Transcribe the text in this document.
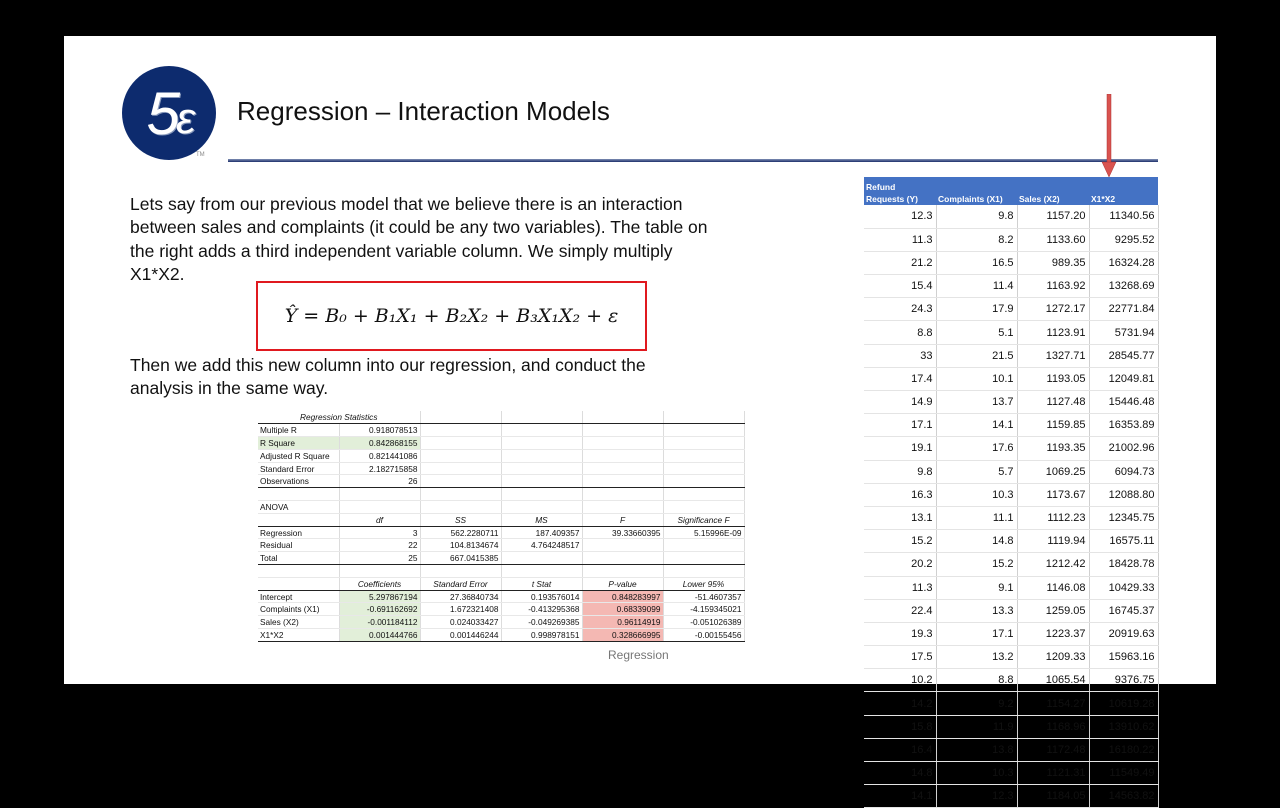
5 ε
TM
Regression – Interaction Models
Lets say from our previous model that we believe there is an interaction between sales and complaints (it could be any two variables). The table on the right adds a third independent variable column. We simply multiply X1*X2.
Ŷ = B₀ + B₁X₁ + B₂X₂ + B₃X₁X₂ + ε
Then we add this new column into our regression, and conduct the analysis in the same way.
Regression Statistics					
Multiple R	0.918078513				
R Square	0.842868155				
Adjusted R Square	0.821441086				
Standard Error	2.182715858				
Observations	26				

ANOVA					
	df	SS	MS	F	Significance F
Regression	3	562.2280711	187.409357	39.33660395	5.15996E-09
Residual	22	104.8134674	4.764248517		
Total	25	667.0415385			

	Coefficients	Standard Error	t Stat	P-value	Lower 95%
Intercept	5.297867194	27.36840734	0.193576014	0.848283997	-51.4607357
Complaints (X1)	-0.691162692	1.672321408	-0.413295368	0.68339099	-4.159345021
Sales (X2)	-0.001184112	0.024033427	-0.049269385	0.96114919	-0.051026389
X1*X2	0.001444766	0.001446244	0.998978151	0.328666995	-0.00155456
Regression
Refund Requests (Y)	Complaints (X1)	Sales (X2)	X1*X2
12.3	9.8	1157.20	11340.56
11.3	8.2	1133.60	9295.52
21.2	16.5	989.35	16324.28
15.4	11.4	1163.92	13268.69
24.3	17.9	1272.17	22771.84
8.8	5.1	1123.91	5731.94
33	21.5	1327.71	28545.77
17.4	10.1	1193.05	12049.81
14.9	13.7	1127.48	15446.48
17.1	14.1	1159.85	16353.89
19.1	17.6	1193.35	21002.96
9.8	5.7	1069.25	6094.73
16.3	10.3	1173.67	12088.80
13.1	11.1	1112.23	12345.75
15.2	14.8	1119.94	16575.11
20.2	15.2	1212.42	18428.78
11.3	9.1	1146.08	10429.33
22.4	13.3	1259.05	16745.37
19.3	17.1	1223.37	20919.63
17.5	13.2	1209.33	15963.16
10.2	8.8	1065.54	9376.75
14.2	9.2	1154.27	10619.28
15.8	11.9	1168.96	13910.62
16.4	13.8	1172.48	16180.22
14.8	10.3	1121.31	11549.49
14.1	12.3	1184.05	14563.82
